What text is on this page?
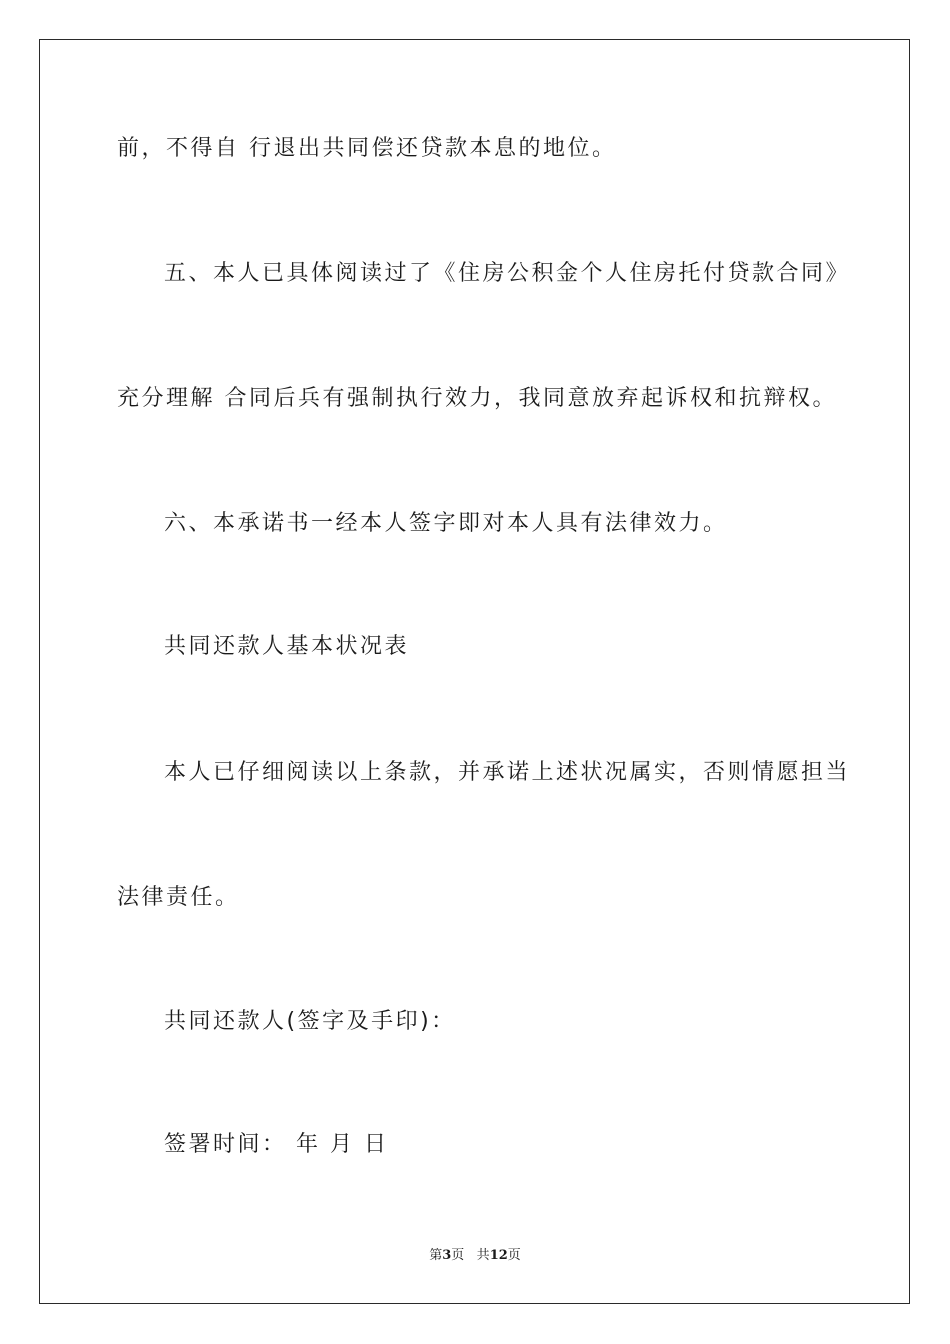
前，不得自 行退出共同偿还贷款本息的地位。
五、本人已具体阅读过了《住房公积金个人住房托付贷款合同》
充分理解 合同后兵有强制执行效力，我同意放弃起诉权和抗辩权。
六、本承诺书一经本人签字即对本人具有法律效力。
共同还款人基本状况表
本人已仔细阅读以上条款，并承诺上述状况属实，否则情愿担当
法律责任。
共同还款人(签字及手印)：
签署时间： 年 月 日
第3页 共12页
